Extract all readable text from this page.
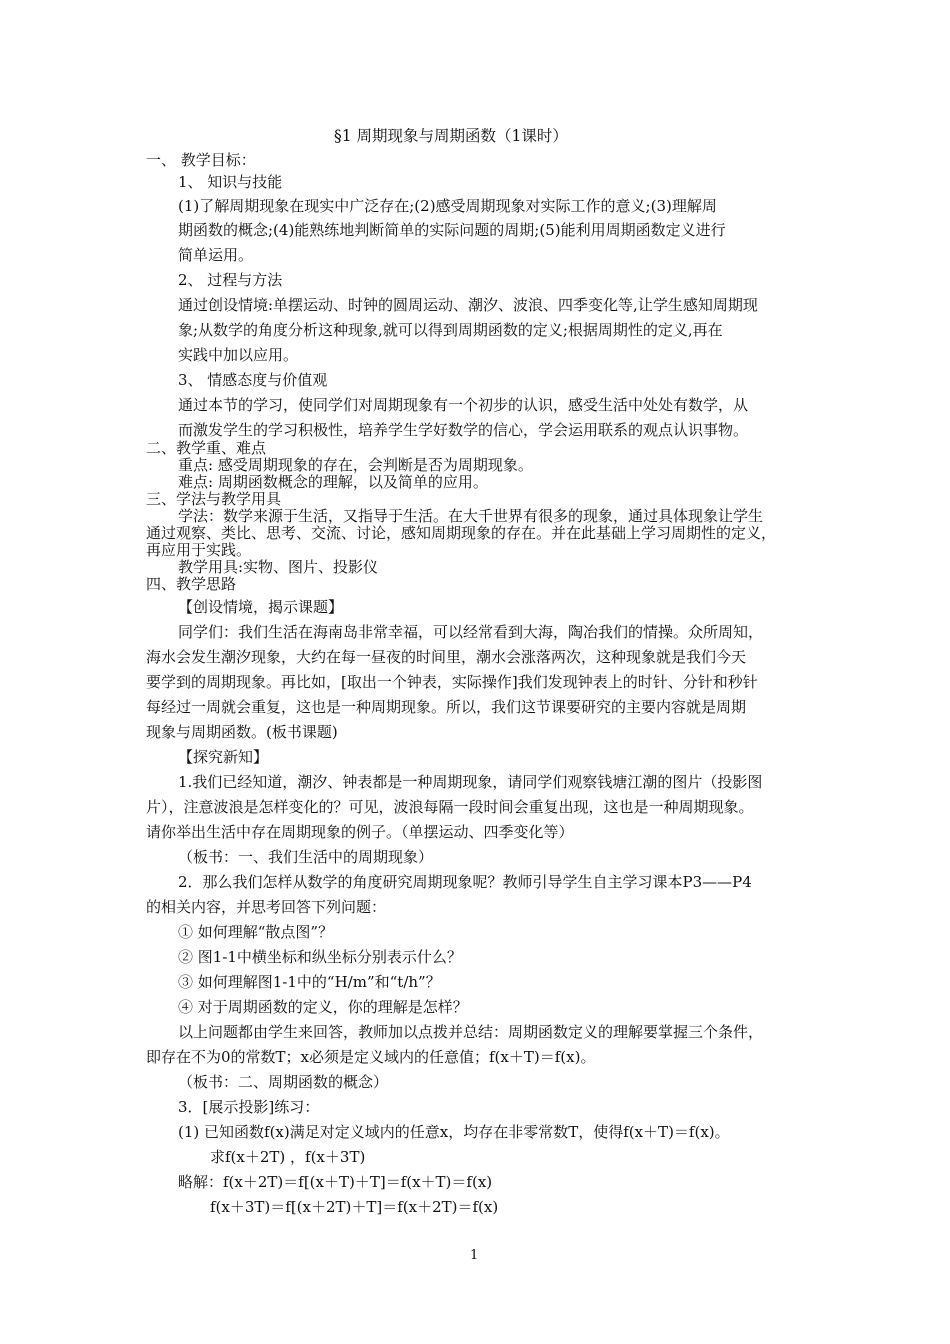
§1 周期现象与周期函数（1课时）
一、 教学目标：
1、 知识与技能
(1)了解周期现象在现实中广泛存在;(2)感受周期现象对实际工作的意义;(3)理解周
期函数的概念;(4)能熟练地判断简单的实际问题的周期;(5)能利用周期函数定义进行
简单运用。
2、 过程与方法
通过创设情境:单摆运动、时钟的圆周运动、潮汐、波浪、四季变化等,让学生感知周期现
象;从数学的角度分析这种现象,就可以得到周期函数的定义;根据周期性的定义,再在
实践中加以应用。
3、 情感态度与价值观
通过本节的学习，使同学们对周期现象有一个初步的认识，感受生活中处处有数学，从
而激发学生的学习积极性，培养学生学好数学的信心，学会运用联系的观点认识事物。
二、教学重、难点
重点: 感受周期现象的存在，会判断是否为周期现象。
难点: 周期函数概念的理解，以及简单的应用。
三、学法与教学用具
学法：数学来源于生活，又指导于生活。在大千世界有很多的现象，通过具体现象让学生
通过观察、类比、思考、交流、讨论，感知周期现象的存在。并在此基础上学习周期性的定义，
再应用于实践。
教学用具:实物、图片、投影仪
四、教学思路
【创设情境，揭示课题】
同学们：我们生活在海南岛非常幸福，可以经常看到大海，陶冶我们的情操。众所周知，
海水会发生潮汐现象，大约在每一昼夜的时间里，潮水会涨落两次，这种现象就是我们今天
要学到的周期现象。再比如，[取出一个钟表，实际操作]我们发现钟表上的时针、分针和秒针
每经过一周就会重复，这也是一种周期现象。所以，我们这节课要研究的主要内容就是周期
现象与周期函数。(板书课题)
【探究新知】
1.我们已经知道，潮汐、钟表都是一种周期现象，请同学们观察钱塘江潮的图片（投影图
片），注意波浪是怎样变化的？可见，波浪每隔一段时间会重复出现，这也是一种周期现象。
请你举出生活中存在周期现象的例子。（单摆运动、四季变化等）
（板书：一、我们生活中的周期现象）
2．那么我们怎样从数学的角度研究周期现象呢？教师引导学生自主学习课本P3——P4
的相关内容，并思考回答下列问题：
① 如何理解“散点图”？
② 图1-1中横坐标和纵坐标分别表示什么？
③ 如何理解图1-1中的“H/m”和“t/h”？
④ 对于周期函数的定义，你的理解是怎样？
以上问题都由学生来回答，教师加以点拨并总结：周期函数定义的理解要掌握三个条件，
即存在不为0的常数T；x必须是定义域内的任意值；f(x＋T)＝f(x)。
（板书：二、周期函数的概念）
3．[展示投影]练习：
(1) 已知函数f(x)满足对定义域内的任意x，均存在非零常数T，使得f(x＋T)＝f(x)。
求f(x＋2T) ，f(x＋3T)
略解：f(x＋2T)＝f[(x＋T)＋T]＝f(x＋T)＝f(x)
f(x＋3T)＝f[(x＋2T)＋T]＝f(x＋2T)＝f(x)
1
